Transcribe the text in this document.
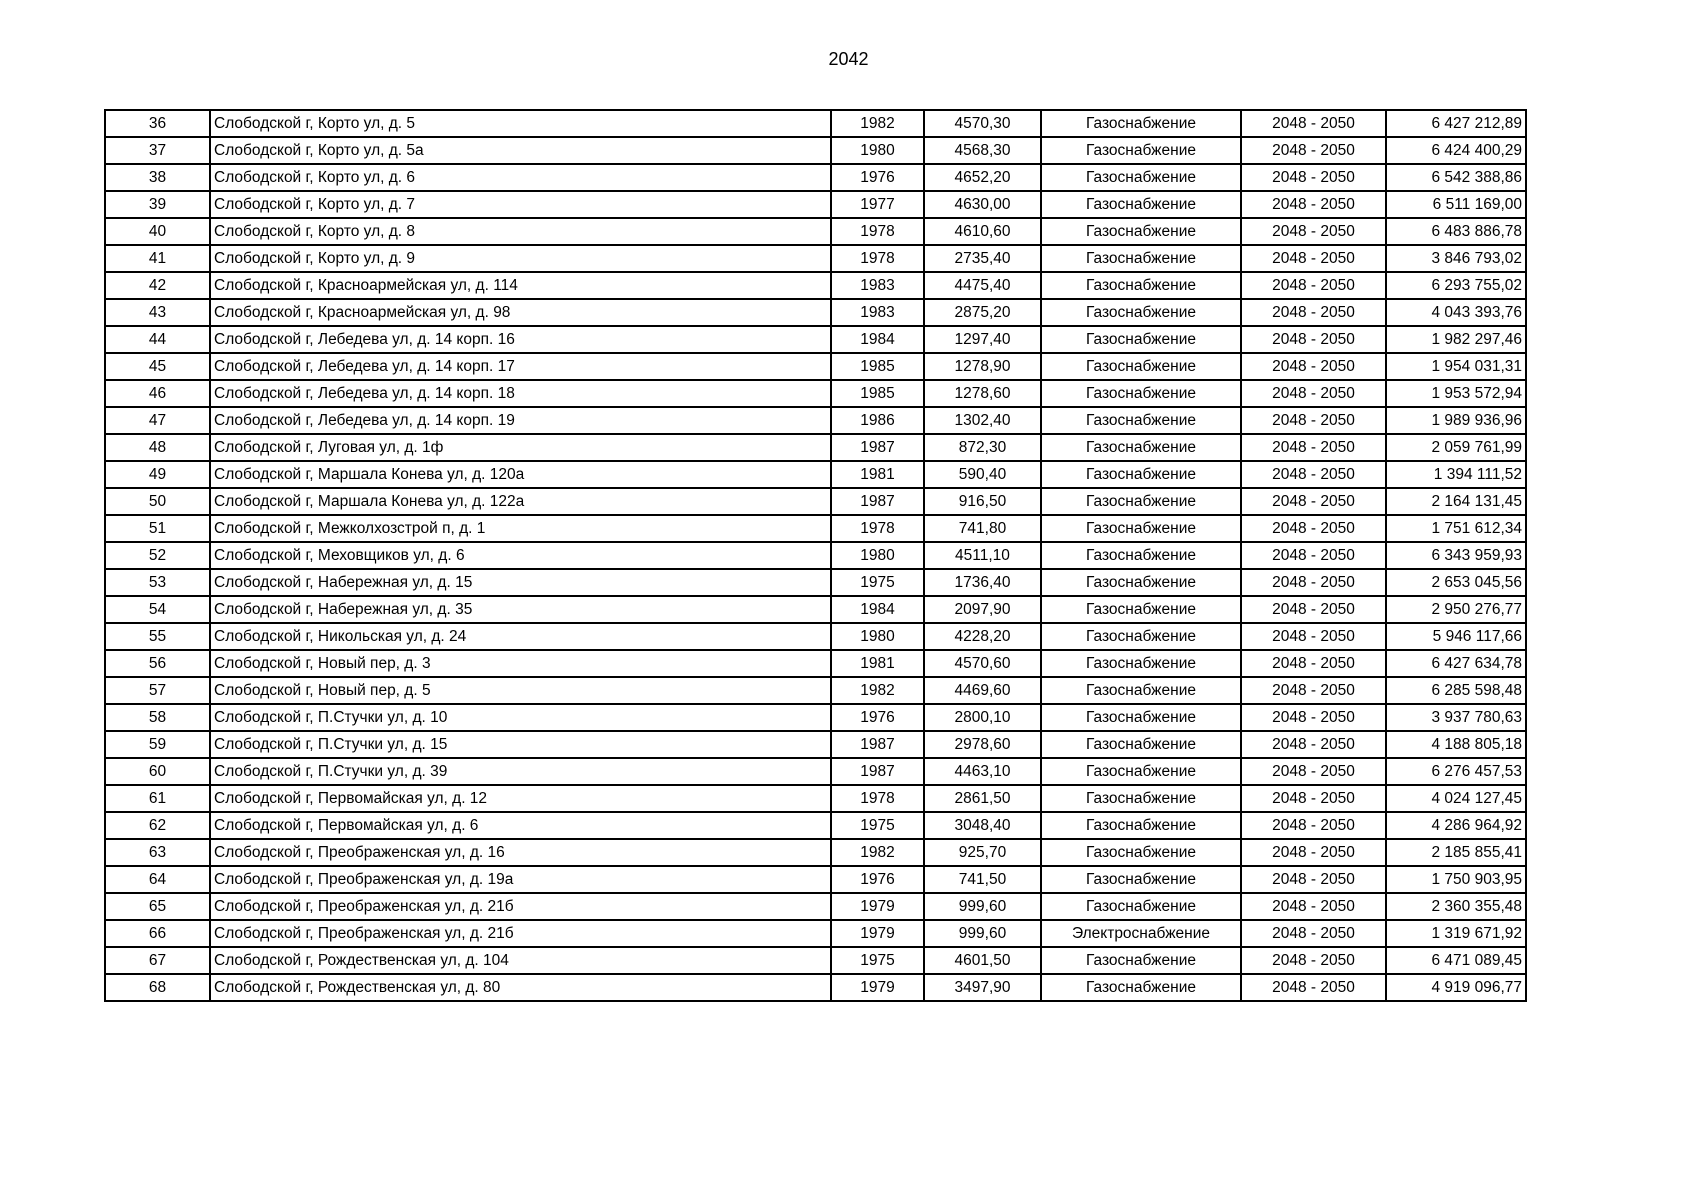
2042
36	Слободской г, Корто ул, д. 5	1982	4570,30	Газоснабжение	2048 - 2050	6 427 212,89
37	Слободской г, Корто ул, д. 5а	1980	4568,30	Газоснабжение	2048 - 2050	6 424 400,29
38	Слободской г, Корто ул, д. 6	1976	4652,20	Газоснабжение	2048 - 2050	6 542 388,86
39	Слободской г, Корто ул, д. 7	1977	4630,00	Газоснабжение	2048 - 2050	6 511 169,00
40	Слободской г, Корто ул, д. 8	1978	4610,60	Газоснабжение	2048 - 2050	6 483 886,78
41	Слободской г, Корто ул, д. 9	1978	2735,40	Газоснабжение	2048 - 2050	3 846 793,02
42	Слободской г, Красноармейская ул, д. 114	1983	4475,40	Газоснабжение	2048 - 2050	6 293 755,02
43	Слободской г, Красноармейская ул, д. 98	1983	2875,20	Газоснабжение	2048 - 2050	4 043 393,76
44	Слободской г, Лебедева ул, д. 14 корп. 16	1984	1297,40	Газоснабжение	2048 - 2050	1 982 297,46
45	Слободской г, Лебедева ул, д. 14 корп. 17	1985	1278,90	Газоснабжение	2048 - 2050	1 954 031,31
46	Слободской г, Лебедева ул, д. 14 корп. 18	1985	1278,60	Газоснабжение	2048 - 2050	1 953 572,94
47	Слободской г, Лебедева ул, д. 14 корп. 19	1986	1302,40	Газоснабжение	2048 - 2050	1 989 936,96
48	Слободской г, Луговая ул, д. 1ф	1987	872,30	Газоснабжение	2048 - 2050	2 059 761,99
49	Слободской г, Маршала Конева ул, д. 120а	1981	590,40	Газоснабжение	2048 - 2050	1 394 111,52
50	Слободской г, Маршала Конева ул, д. 122а	1987	916,50	Газоснабжение	2048 - 2050	2 164 131,45
51	Слободской г, Межколхозстрой п, д. 1	1978	741,80	Газоснабжение	2048 - 2050	1 751 612,34
52	Слободской г, Меховщиков ул, д. 6	1980	4511,10	Газоснабжение	2048 - 2050	6 343 959,93
53	Слободской г, Набережная ул, д. 15	1975	1736,40	Газоснабжение	2048 - 2050	2 653 045,56
54	Слободской г, Набережная ул, д. 35	1984	2097,90	Газоснабжение	2048 - 2050	2 950 276,77
55	Слободской г, Никольская ул, д. 24	1980	4228,20	Газоснабжение	2048 - 2050	5 946 117,66
56	Слободской г, Новый пер, д. 3	1981	4570,60	Газоснабжение	2048 - 2050	6 427 634,78
57	Слободской г, Новый пер, д. 5	1982	4469,60	Газоснабжение	2048 - 2050	6 285 598,48
58	Слободской г, П.Стучки ул, д. 10	1976	2800,10	Газоснабжение	2048 - 2050	3 937 780,63
59	Слободской г, П.Стучки ул, д. 15	1987	2978,60	Газоснабжение	2048 - 2050	4 188 805,18
60	Слободской г, П.Стучки ул, д. 39	1987	4463,10	Газоснабжение	2048 - 2050	6 276 457,53
61	Слободской г, Первомайская ул, д. 12	1978	2861,50	Газоснабжение	2048 - 2050	4 024 127,45
62	Слободской г, Первомайская ул, д. 6	1975	3048,40	Газоснабжение	2048 - 2050	4 286 964,92
63	Слободской г, Преображенская ул, д. 16	1982	925,70	Газоснабжение	2048 - 2050	2 185 855,41
64	Слободской г, Преображенская ул, д. 19а	1976	741,50	Газоснабжение	2048 - 2050	1 750 903,95
65	Слободской г, Преображенская ул, д. 21б	1979	999,60	Газоснабжение	2048 - 2050	2 360 355,48
66	Слободской г, Преображенская ул, д. 21б	1979	999,60	Электроснабжение	2048 - 2050	1 319 671,92
67	Слободской г, Рождественская ул, д. 104	1975	4601,50	Газоснабжение	2048 - 2050	6 471 089,45
68	Слободской г, Рождественская ул, д. 80	1979	3497,90	Газоснабжение	2048 - 2050	4 919 096,77
